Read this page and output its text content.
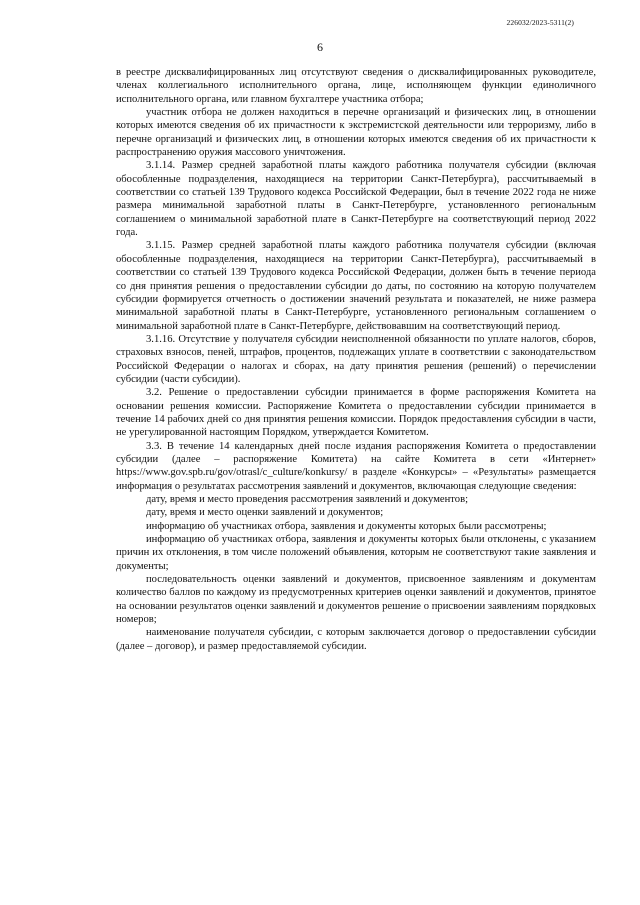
226032/2023-5311(2)
6

в реестре дисквалифицированных лиц отсутствуют сведения о дисквалифицированных руководителе, членах коллегиального исполнительного органа, лице, исполняющем функции единоличного исполнительного органа, или главном бухгалтере участника отбора;

участник отбора не должен находиться в перечне организаций и физических лиц, в отношении которых имеются сведения об их причастности к экстремистской деятельности или терроризму, либо в перечне организаций и физических лиц, в отношении которых имеются сведения об их причастности к распространению оружия массового уничтожения.

3.1.14. Размер средней заработной платы каждого работника получателя субсидии (включая обособленные подразделения, находящиеся на территории Санкт-Петербурга), рассчитываемый в соответствии со статьей 139 Трудового кодекса Российской Федерации, был в течение 2022 года не ниже размера минимальной заработной платы в Санкт-Петербурге, установленного региональным соглашением о минимальной заработной плате в Санкт-Петербурге на соответствующий период 2022 года.

3.1.15. Размер средней заработной платы каждого работника получателя субсидии (включая обособленные подразделения, находящиеся на территории Санкт-Петербурга), рассчитываемый в соответствии со статьей 139 Трудового кодекса Российской Федерации, должен быть в течение периода со дня принятия решения о предоставлении субсидии до даты, по состоянию на которую получателем субсидии формируется отчетность о достижении значений результата и показателей, не ниже размера минимальной заработной платы в Санкт-Петербурге, установленного региональным соглашением о минимальной заработной плате в Санкт-Петербурге, действовавшим на соответствующий период.

3.1.16. Отсутствие у получателя субсидии неисполненной обязанности по уплате налогов, сборов, страховых взносов, пеней, штрафов, процентов, подлежащих уплате в соответствии с законодательством Российской Федерации о налогах и сборах, на дату принятия решения (решений) о перечислении субсидии (части субсидии).

3.2. Решение о предоставлении субсидии принимается в форме распоряжения Комитета на основании решения комиссии. Распоряжение Комитета о предоставлении субсидии принимается в течение 14 рабочих дней со дня принятия решения комиссии. Порядок предоставления субсидии в части, не урегулированной настоящим Порядком, утверждается Комитетом.

3.3. В течение 14 календарных дней после издания распоряжения Комитета о предоставлении субсидии (далее – распоряжение Комитета) на сайте Комитета в сети «Интернет» https://www.gov.spb.ru/gov/otrasl/c_culture/konkursy/ в разделе «Конкурсы» – «Результаты» размещается информация о результатах рассмотрения заявлений и документов, включающая следующие сведения:

дату, время и место проведения рассмотрения заявлений и документов;

дату, время и место оценки заявлений и документов;

информацию об участниках отбора, заявления и документы которых были рассмотрены;

информацию об участниках отбора, заявления и документы которых были отклонены, с указанием причин их отклонения, в том числе положений объявления, которым не соответствуют такие заявления и документы;

последовательность оценки заявлений и документов, присвоенное заявлениям и документам количество баллов по каждому из предусмотренных критериев оценки заявлений и документов, принятое на основании результатов оценки заявлений и документов решение о присвоении заявлениям порядковых номеров;

наименование получателя субсидии, с которым заключается договор о предоставлении субсидии (далее – договор), и размер предоставляемой субсидии.
